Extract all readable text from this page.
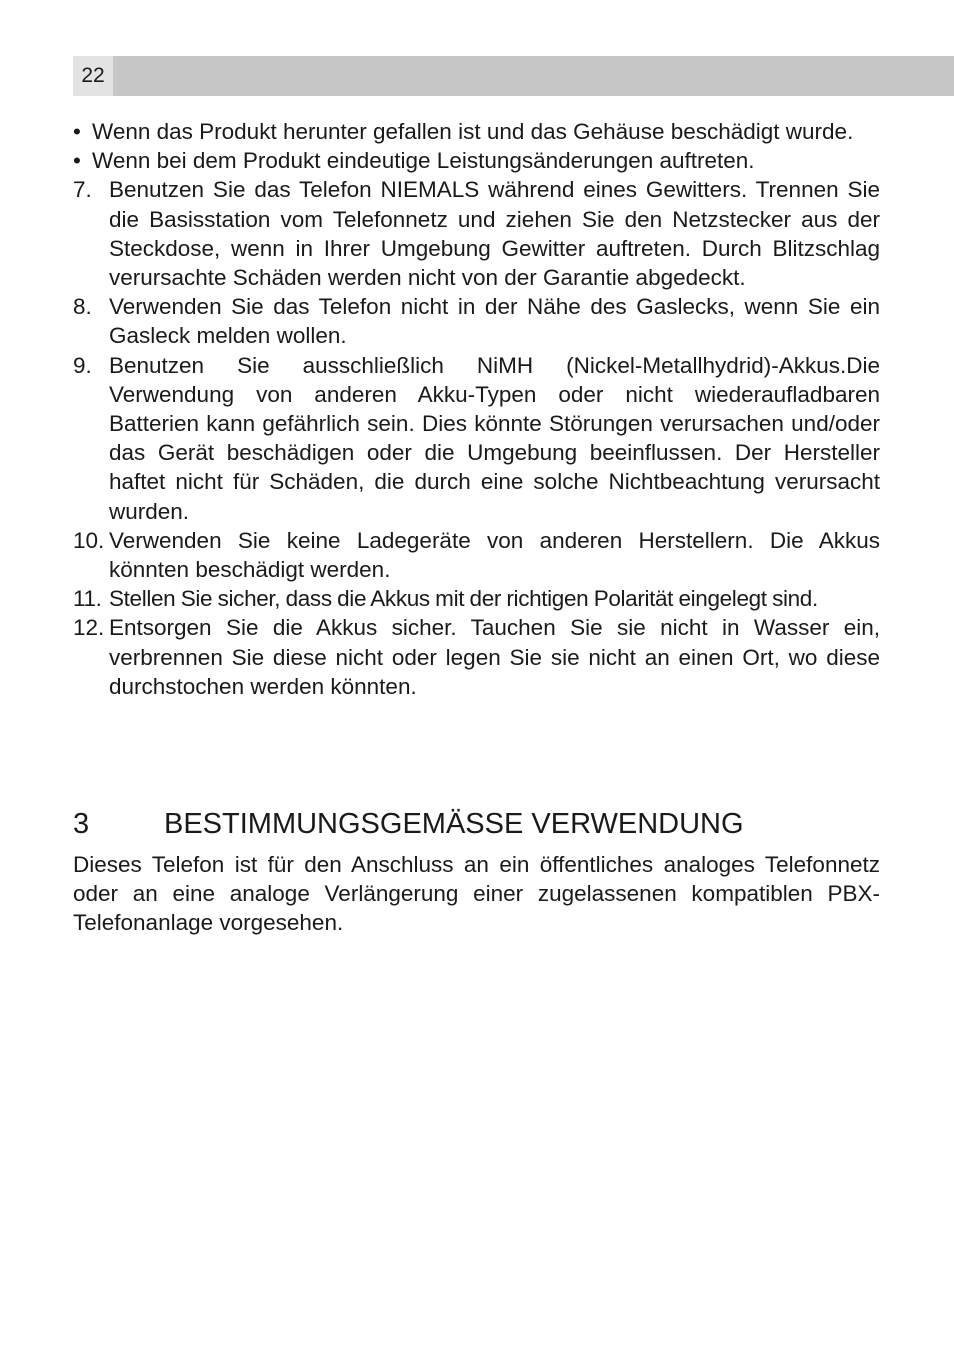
22
• Wenn das Produkt herunter gefallen ist und das Gehäuse beschädigt wurde.
• Wenn bei dem Produkt eindeutige Leistungsänderungen auftreten.
7. Benutzen Sie das Telefon NIEMALS während eines Gewitters. Trennen Sie die Basisstation vom Telefonnetz und ziehen Sie den Netzstecker aus der Steckdose, wenn in Ihrer Umgebung Gewitter auftreten. Durch Blitzschlag verursachte Schäden werden nicht von der Garantie abgedeckt.
8. Verwenden Sie das Telefon nicht in der Nähe des Gaslecks, wenn Sie ein Gasleck melden wollen.
9. Benutzen Sie ausschließlich NiMH (Nickel-Metallhydrid)-Akkus.Die Verwendung von anderen Akku-Typen oder nicht wiederaufladbaren Batterien kann gefährlich sein. Dies könnte Störungen verursachen und/oder das Gerät beschädigen oder die Umgebung beeinflussen. Der Hersteller haftet nicht für Schäden, die durch eine solche Nichtbeachtung verursacht wurden.
10. Verwenden Sie keine Ladegeräte von anderen Herstellern. Die Akkus könnten beschädigt werden.
11. Stellen Sie sicher, dass die Akkus mit der richtigen Polarität eingelegt sind.
12. Entsorgen Sie die Akkus sicher. Tauchen Sie sie nicht in Wasser ein, verbrennen Sie diese nicht oder legen Sie sie nicht an einen Ort, wo diese durchstochen werden könnten.
3	BESTIMMUNGSGEMÄSSE VERWENDUNG
Dieses Telefon ist für den Anschluss an ein öffentliches analoges Telefonnetz oder an eine analoge Verlängerung einer zugelassenen kompatiblen PBX-Telefonanlage vorgesehen.
